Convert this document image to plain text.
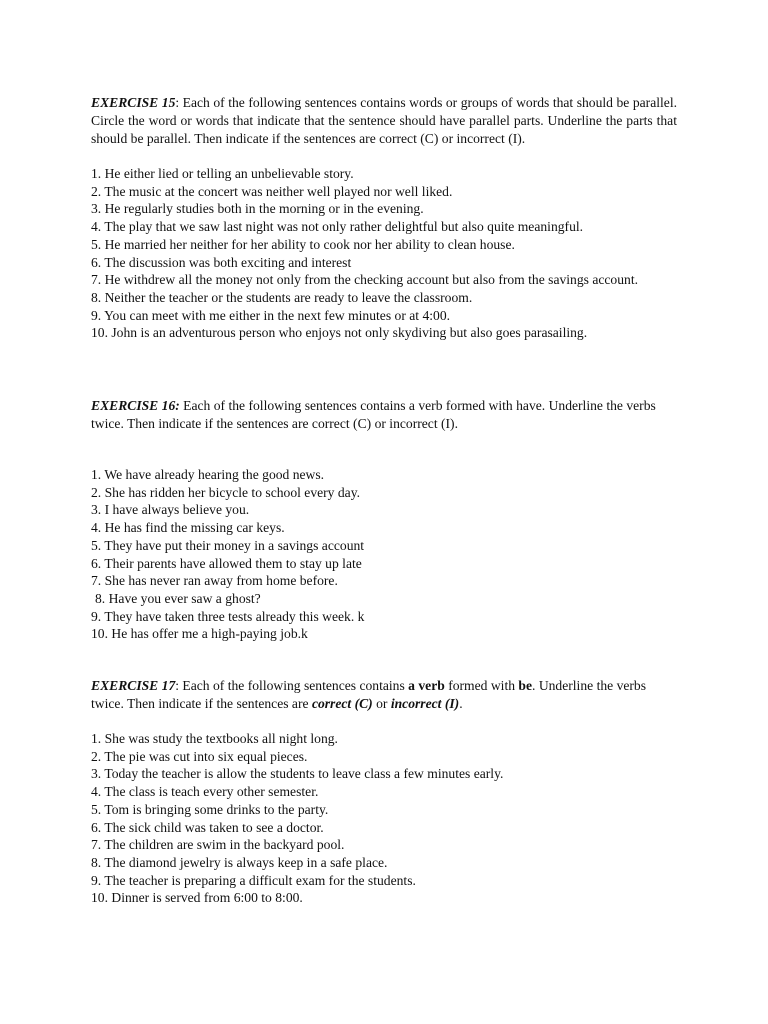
EXERCISE 15: Each of the following sentences contains words or groups of words that should be parallel. Circle the word or words that indicate that the sentence should have parallel parts. Underline the parts that should be parallel. Then indicate if the sentences are correct (C) or incorrect (I).

1. He either lied or telling an unbelievable story.
2. The music at the concert was neither well played nor well liked.
3. He regularly studies both in the morning or in the evening.
4. The play that we saw last night was not only rather delightful but also quite meaningful.
5. He married her neither for her ability to cook nor her ability to clean house.
6. The discussion was both exciting and interest
7. He withdrew all the money not only from the checking account but also from the savings account.
8. Neither the teacher or the students are ready to leave the classroom.
9. You can meet with me either in the next few minutes or at 4:00.
10. John is an adventurous person who enjoys not only skydiving but also goes parasailing.

EXERCISE 16: Each of the following sentences contains a verb formed with have. Underline the verbs twice. Then indicate if the sentences are correct (C) or incorrect (I).

1. We have already hearing the good news.
2. She has ridden her bicycle to school every day.
3. I have always believe you.
4. He has find the missing car keys.
5. They have put their money in a savings account
6. Their parents have allowed them to stay up late
7. She has never ran away from home before.
8. Have you ever saw a ghost?
9. They have taken three tests already this week. k
10. He has offer me a high-paying job.k

EXERCISE 17: Each of the following sentences contains a verb formed with be. Underline the verbs twice. Then indicate if the sentences are correct (C) or incorrect (I).

1. She was study the textbooks all night long.
2. The pie was cut into six equal pieces.
3. Today the teacher is allow the students to leave class a few minutes early.
4. The class is teach every other semester.
5. Tom is bringing some drinks to the party.
6. The sick child was taken to see a doctor.
7. The children are swim in the backyard pool.
8. The diamond jewelry is always keep in a safe place.
9. The teacher is preparing a difficult exam for the students.
10. Dinner is served from 6:00 to 8:00.
